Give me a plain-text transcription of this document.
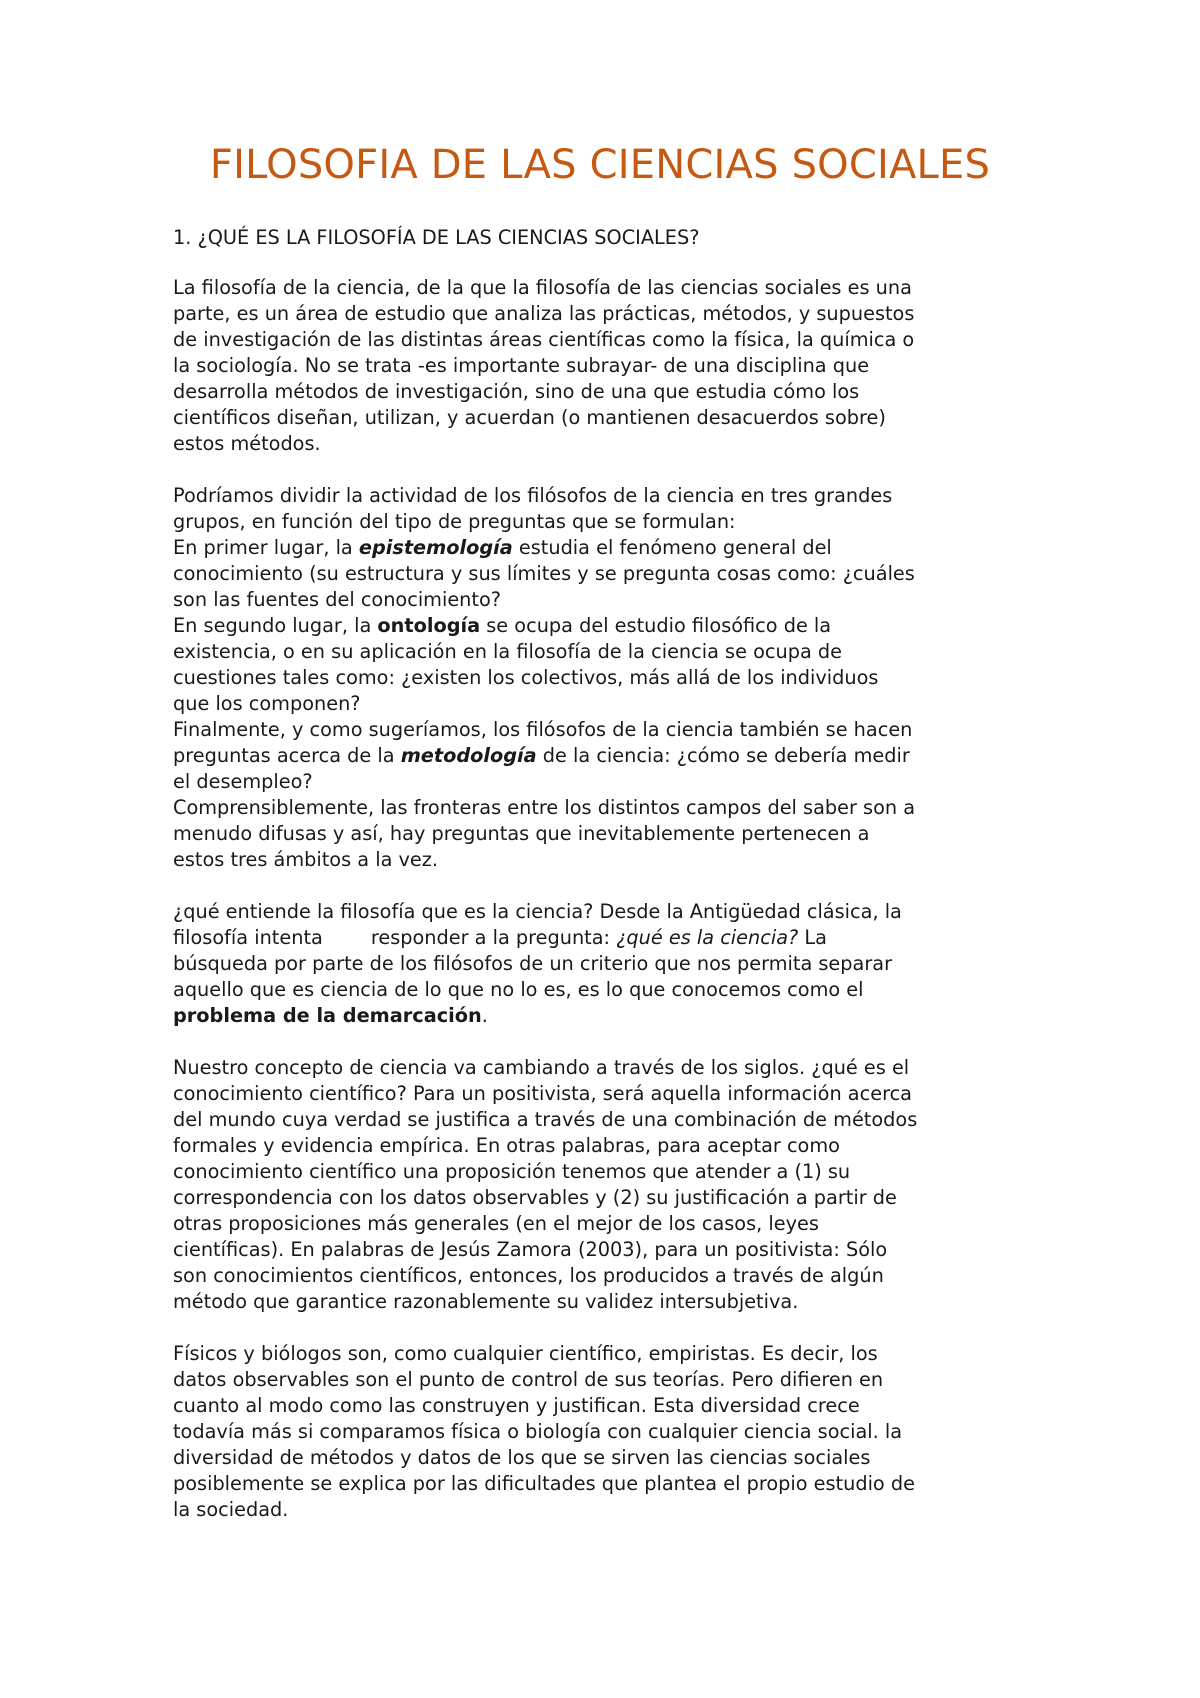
FILOSOFIA DE LAS CIENCIAS SOCIALES
1. ¿QUÉ ES LA FILOSOFÍA DE LAS CIENCIAS SOCIALES?

La filosofía de la ciencia, de la que la filosofía de las ciencias sociales es una
parte, es un área de estudio que analiza las prácticas, métodos, y supuestos
de investigación de las distintas áreas científicas como la física, la química o
la sociología. No se trata -es importante subrayar- de una disciplina que
desarrolla métodos de investigación, sino de una que estudia cómo los
científicos diseñan, utilizan, y acuerdan (o mantienen desacuerdos sobre)
estos métodos.

Podríamos dividir la actividad de los filósofos de la ciencia en tres grandes
grupos, en función del tipo de preguntas que se formulan:
En primer lugar, la epistemología estudia el fenómeno general del
conocimiento (su estructura y sus límites y se pregunta cosas como: ¿cuáles
son las fuentes del conocimiento?
En segundo lugar, la ontología se ocupa del estudio filosófico de la
existencia, o en su aplicación en la filosofía de la ciencia se ocupa de
cuestiones tales como: ¿existen los colectivos, más allá de los individuos
que los componen?
Finalmente, y como sugeríamos, los filósofos de la ciencia también se hacen
preguntas acerca de la metodología de la ciencia: ¿cómo se debería medir
el desempleo?
Comprensiblemente, las fronteras entre los distintos campos del saber son a
menudo difusas y así, hay preguntas que inevitablemente pertenecen a
estos tres ámbitos a la vez.

¿qué entiende la filosofía que es la ciencia? Desde la Antigüedad clásica, la
filosofía intenta responder a la pregunta: ¿qué es la ciencia? La
búsqueda por parte de los filósofos de un criterio que nos permita separar
aquello que es ciencia de lo que no lo es, es lo que conocemos como el
problema de la demarcación.

Nuestro concepto de ciencia va cambiando a través de los siglos. ¿qué es el
conocimiento científico? Para un positivista, será aquella información acerca
del mundo cuya verdad se justifica a través de una combinación de métodos
formales y evidencia empírica. En otras palabras, para aceptar como
conocimiento científico una proposición tenemos que atender a (1) su
correspondencia con los datos observables y (2) su justificación a partir de
otras proposiciones más generales (en el mejor de los casos, leyes
científicas). En palabras de Jesús Zamora (2003), para un positivista: Sólo
son conocimientos científicos, entonces, los producidos a través de algún
método que garantice razonablemente su validez intersubjetiva.

Físicos y biólogos son, como cualquier científico, empiristas. Es decir, los
datos observables son el punto de control de sus teorías. Pero difieren en
cuanto al modo como las construyen y justifican. Esta diversidad crece
todavía más si comparamos física o biología con cualquier ciencia social. la
diversidad de métodos y datos de los que se sirven las ciencias sociales
posiblemente se explica por las dificultades que plantea el propio estudio de
la sociedad.
